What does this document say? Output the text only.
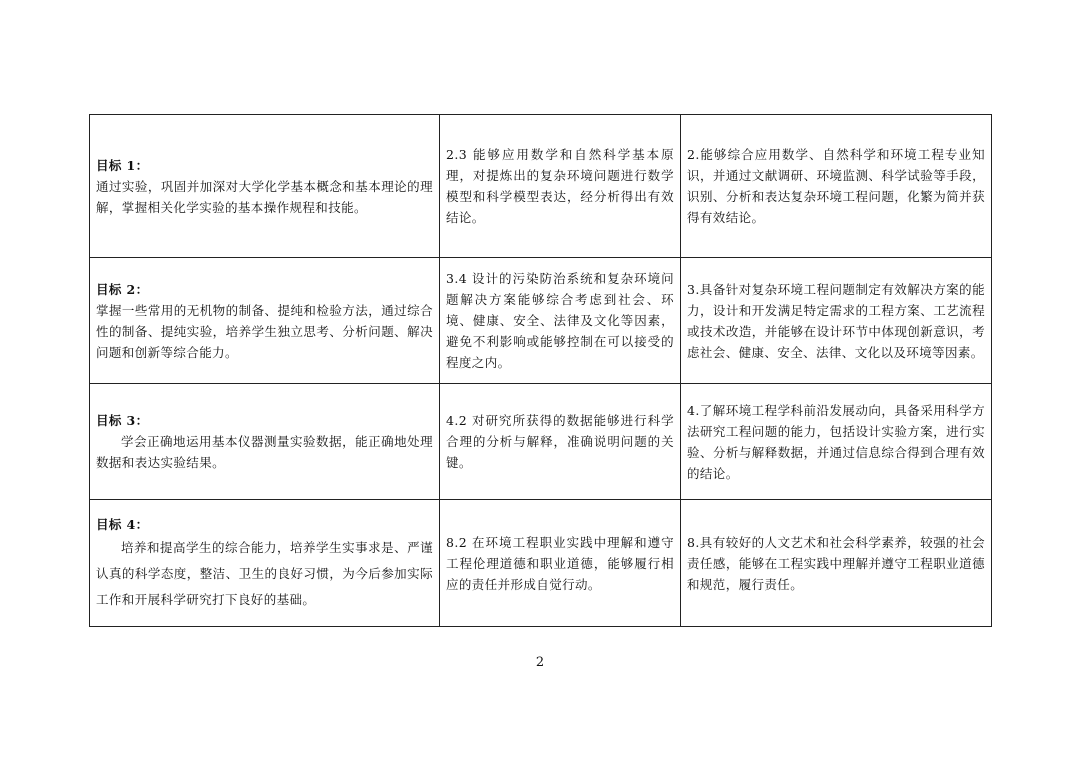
目标 1：
通过实验，巩固并加深对大学化学基本概念和基本理论的理解，掌握相关化学实验的基本操作规程和技能。	2.3 能够应用数学和自然科学基本原理，对提炼出的复杂环境问题进行数学模型和科学模型表达，经分析得出有效结论。	2.能够综合应用数学、自然科学和环境工程专业知识，并通过文献调研、环境监测、科学试验等手段，识别、分析和表达复杂环境工程问题，化繁为简并获得有效结论。

目标 2：
掌握一些常用的无机物的制备、提纯和检验方法，通过综合性的制备、提纯实验，培养学生独立思考、分析问题、解决问题和创新等综合能力。	3.4 设计的污染防治系统和复杂环境问题解决方案能够综合考虑到社会、环境、健康、安全、法律及文化等因素，避免不利影响或能够控制在可以接受的程度之内。	3.具备针对复杂环境工程问题制定有效解决方案的能力，设计和开发满足特定需求的工程方案、工艺流程或技术改造，并能够在设计环节中体现创新意识，考虑社会、健康、安全、法律、文化以及环境等因素。

目标 3：
学会正确地运用基本仪器测量实验数据，能正确地处理数据和表达实验结果。	4.2 对研究所获得的数据能够进行科学合理的分析与解释，准确说明问题的关键。	4.了解环境工程学科前沿发展动向，具备采用科学方法研究工程问题的能力，包括设计实验方案，进行实验、分析与解释数据，并通过信息综合得到合理有效的结论。

目标 4：
培养和提高学生的综合能力，培养学生实事求是、严谨认真的科学态度，整洁、卫生的良好习惯，为今后参加实际工作和开展科学研究打下良好的基础。	8.2 在环境工程职业实践中理解和遵守工程伦理道德和职业道德，能够履行相应的责任并形成自觉行动。	8.具有较好的人文艺术和社会科学素养，较强的社会责任感，能够在工程实践中理解并遵守工程职业道德和规范，履行责任。
2
